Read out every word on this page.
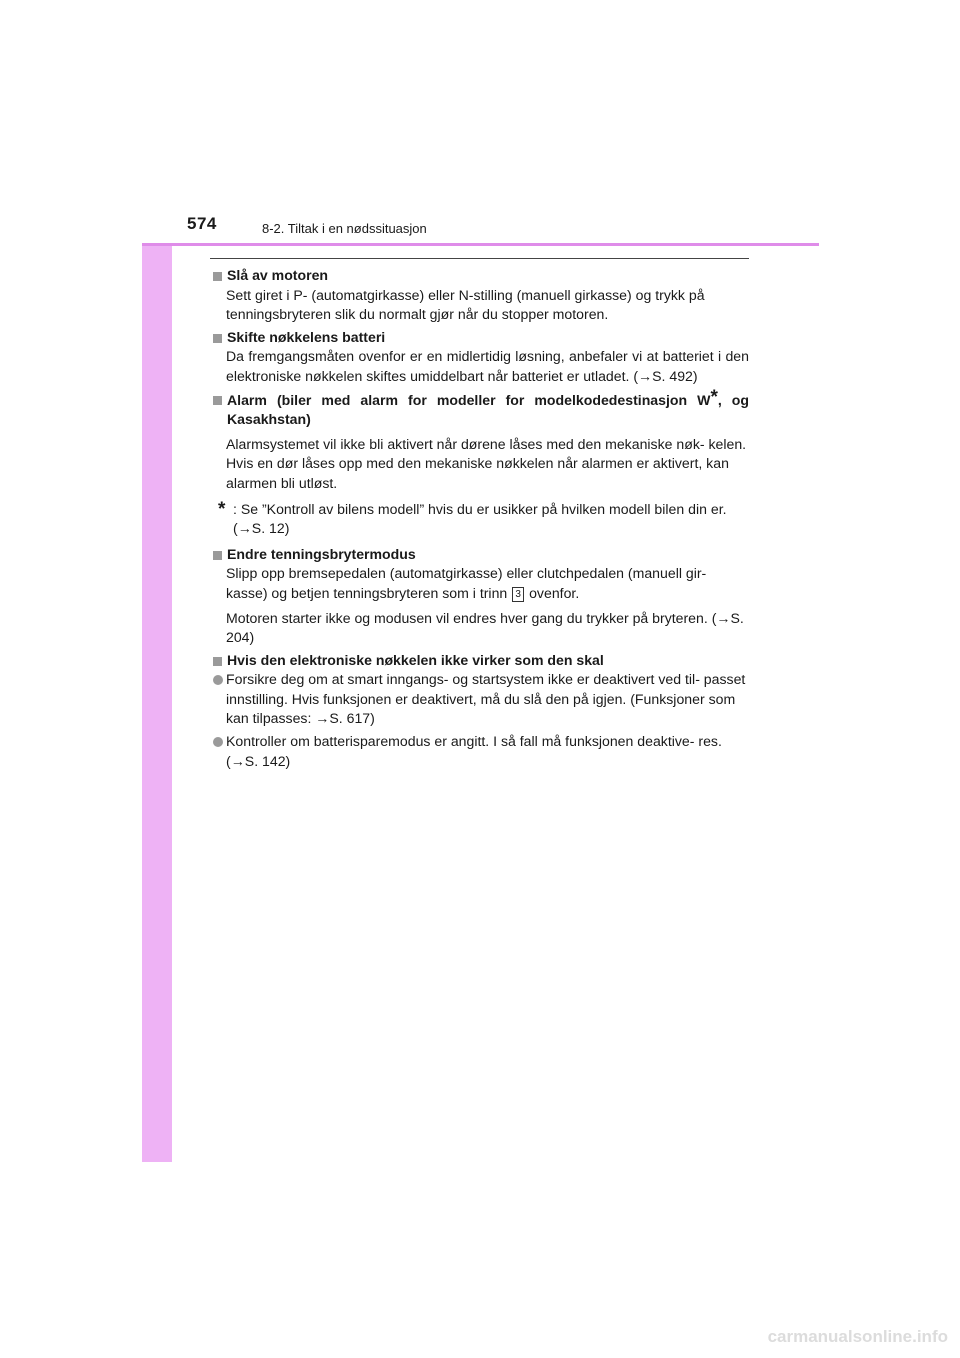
574	8-2. Tiltak i en nødssituasjon
Slå av motoren
Sett giret i P- (automatgirkasse) eller N-stilling (manuell girkasse) og trykk på tenningsbryteren slik du normalt gjør når du stopper motoren.
Skifte nøkkelens batteri
Da fremgangsmåten ovenfor er en midlertidig løsning, anbefaler vi at batteriet i den elektroniske nøkkelen skiftes umiddelbart når batteriet er utladet. (→S. 492)
Alarm (biler med alarm for modeller for modelkodedestinasjon W*, og Kasakhstan)
Alarmsystemet vil ikke bli aktivert når dørene låses med den mekaniske nøk- kelen.
Hvis en dør låses opp med den mekaniske nøkkelen når alarmen er aktivert, kan alarmen bli utløst.
* : Se ”Kontroll av bilens modell” hvis du er usikker på hvilken modell bilen din er. (→S. 12)
Endre tenningsbrytermodus
Slipp opp bremsepedalen (automatgirkasse) eller clutchpedalen (manuell gir- kasse) og betjen tenningsbryteren som i trinn 3 ovenfor.
Motoren starter ikke og modusen vil endres hver gang du trykker på bryteren. (→S. 204)
Hvis den elektroniske nøkkelen ikke virker som den skal
Forsikre deg om at smart inngangs- og startsystem ikke er deaktivert ved til- passet innstilling. Hvis funksjonen er deaktivert, må du slå den på igjen. (Funksjoner som kan tilpasses: →S. 617)
Kontroller om batterisparemodus er angitt. I så fall må funksjonen deaktive- res. (→S. 142)
carmanualsonline.info
